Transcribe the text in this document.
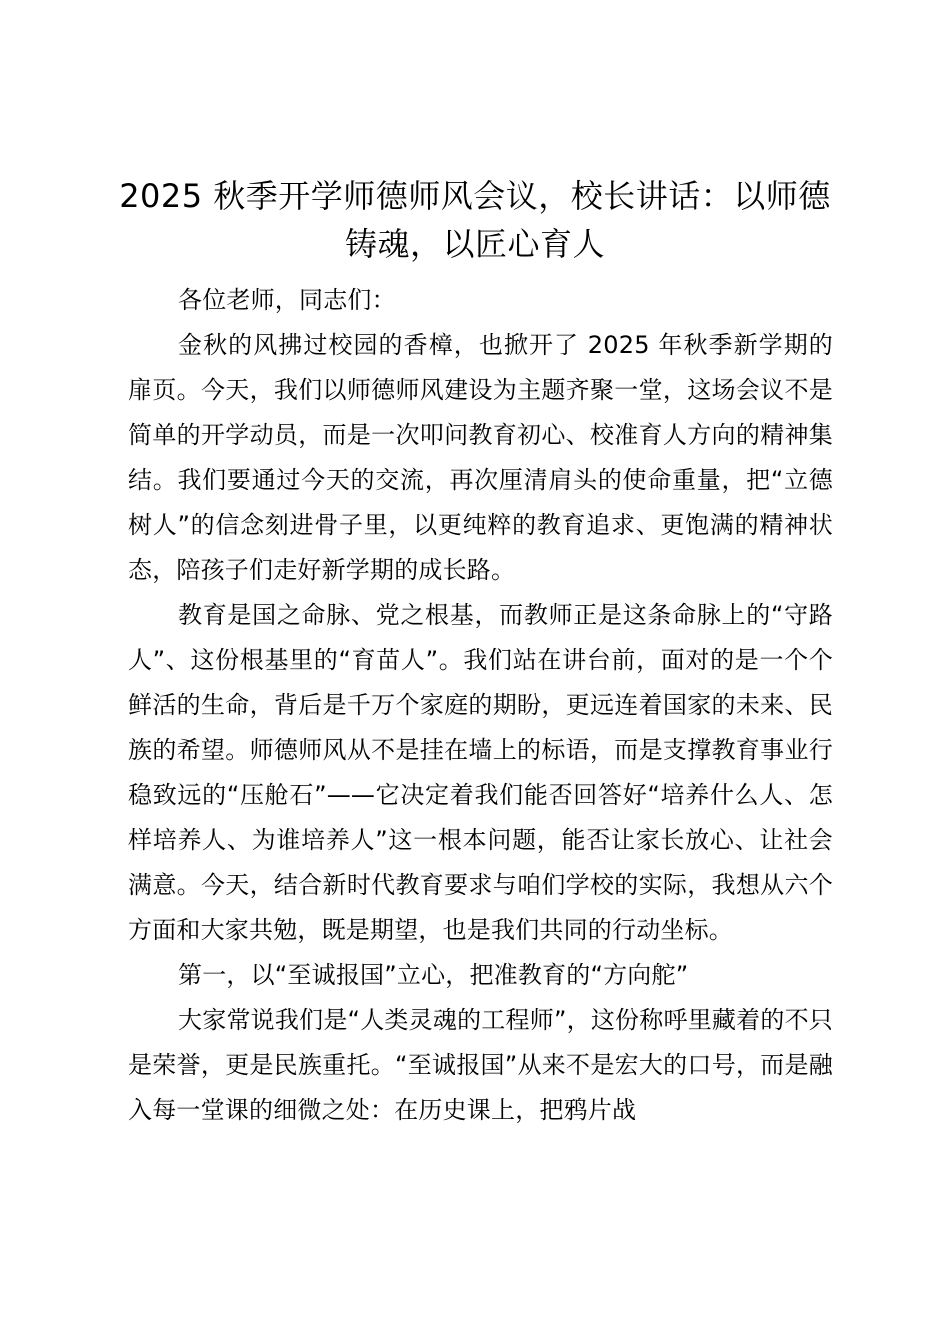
2025 秋季开学师德师风会议，校长讲话：以师德铸魂，以匠心育人

各位老师，同志们：

金秋的风拂过校园的香樟，也掀开了 2025 年秋季新学期的扉页。今天，我们以师德师风建设为主题齐聚一堂，这场会议不是简单的开学动员，而是一次叩问教育初心、校准育人方向的精神集结。我们要通过今天的交流，再次厘清肩头的使命重量，把“立德树人”的信念刻进骨子里，以更纯粹的教育追求、更饱满的精神状态，陪孩子们走好新学期的成长路。

教育是国之命脉、党之根基，而教师正是这条命脉上的“守路人”、这份根基里的“育苗人”。我们站在讲台前，面对的是一个个鲜活的生命，背后是千万个家庭的期盼，更远连着国家的未来、民族的希望。师德师风从不是挂在墙上的标语，而是支撑教育事业行稳致远的“压舱石”——它决定着我们能否回答好“培养什么人、怎样培养人、为谁培养人”这一根本问题，能否让家长放心、让社会满意。今天，结合新时代教育要求与咱们学校的实际，我想从六个方面和大家共勉，既是期望，也是我们共同的行动坐标。

第一，以“至诚报国”立心，把准教育的“方向舵”

大家常说我们是“人类灵魂的工程师”，这份称呼里藏着的不只是荣誉，更是民族重托。“至诚报国”从来不是宏大的口号，而是融入每一堂课的细微之处：在历史课上，把鸦片战
